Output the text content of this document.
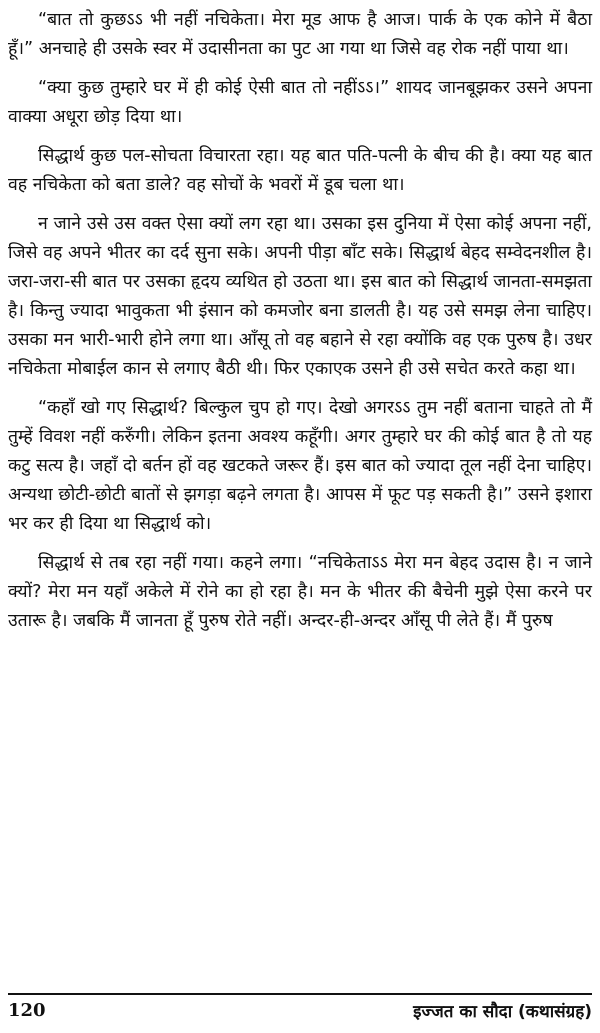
“बात तो कुछऽऽ भी नहीं नचिकेता। मेरा मूड आफ है आज। पार्क के एक कोने में बैठा हूँ।” अनचाहे ही उसके स्वर में उदासीनता का पुट आ गया था जिसे वह रोक नहीं पाया था।

“क्या कुछ तुम्हारे घर में ही कोई ऐसी बात तो नहींऽऽ।” शायद जानबूझकर उसने अपना वाक्या अधूरा छोड़ दिया था।

सिद्धार्थ कुछ पल-सोचता विचारता रहा। यह बात पति-पत्नी के बीच की है। क्या यह बात वह नचिकेता को बता डाले? वह सोचों के भवरों में डूब चला था।

न जाने उसे उस वक्त ऐसा क्यों लग रहा था। उसका इस दुनिया में ऐसा कोई अपना नहीं, जिसे वह अपने भीतर का दर्द सुना सके। अपनी पीड़ा बाँट सके। सिद्धार्थ बेहद सम्वेदनशील है। जरा-जरा-सी बात पर उसका हृदय व्यथित हो उठता था। इस बात को सिद्धार्थ जानता-समझता है। किन्तु ज्यादा भावुकता भी इंसान को कमजोर बना डालती है। यह उसे समझ लेना चाहिए। उसका मन भारी-भारी होने लगा था। आँसू तो वह बहाने से रहा क्योंकि वह एक पुरुष है। उधर नचिकेता मोबाईल कान से लगाए बैठी थी। फिर एकाएक उसने ही उसे सचेत करते कहा था।

“कहाँ खो गए सिद्धार्थ? बिल्कुल चुप हो गए। देखो अगरऽऽ तुम नहीं बताना चाहते तो मैं तुम्हें विवश नहीं करुँगी। लेकिन इतना अवश्य कहूँगी। अगर तुम्हारे घर की कोई बात है तो यह कटु सत्य है। जहाँ दो बर्तन हों वह खटकते जरूर हैं। इस बात को ज्यादा तूल नहीं देना चाहिए। अन्यथा छोटी-छोटी बातों से झगड़ा बढ़ने लगता है। आपस में फूट पड़ सकती है।” उसने इशारा भर कर ही दिया था सिद्धार्थ को।

सिद्धार्थ से तब रहा नहीं गया। कहने लगा। “नचिकेताऽऽ मेरा मन बेहद उदास है। न जाने क्यों? मेरा मन यहाँ अकेले में रोने का हो रहा है। मन के भीतर की बैचेनी मुझे ऐसा करने पर उतारू है। जबकि मैं जानता हूँ पुरुष रोते नहीं। अन्दर-ही-अन्दर आँसू पी लेते हैं। मैं पुरुष

120	इज्जत का सौदा (कथासंग्रह)
